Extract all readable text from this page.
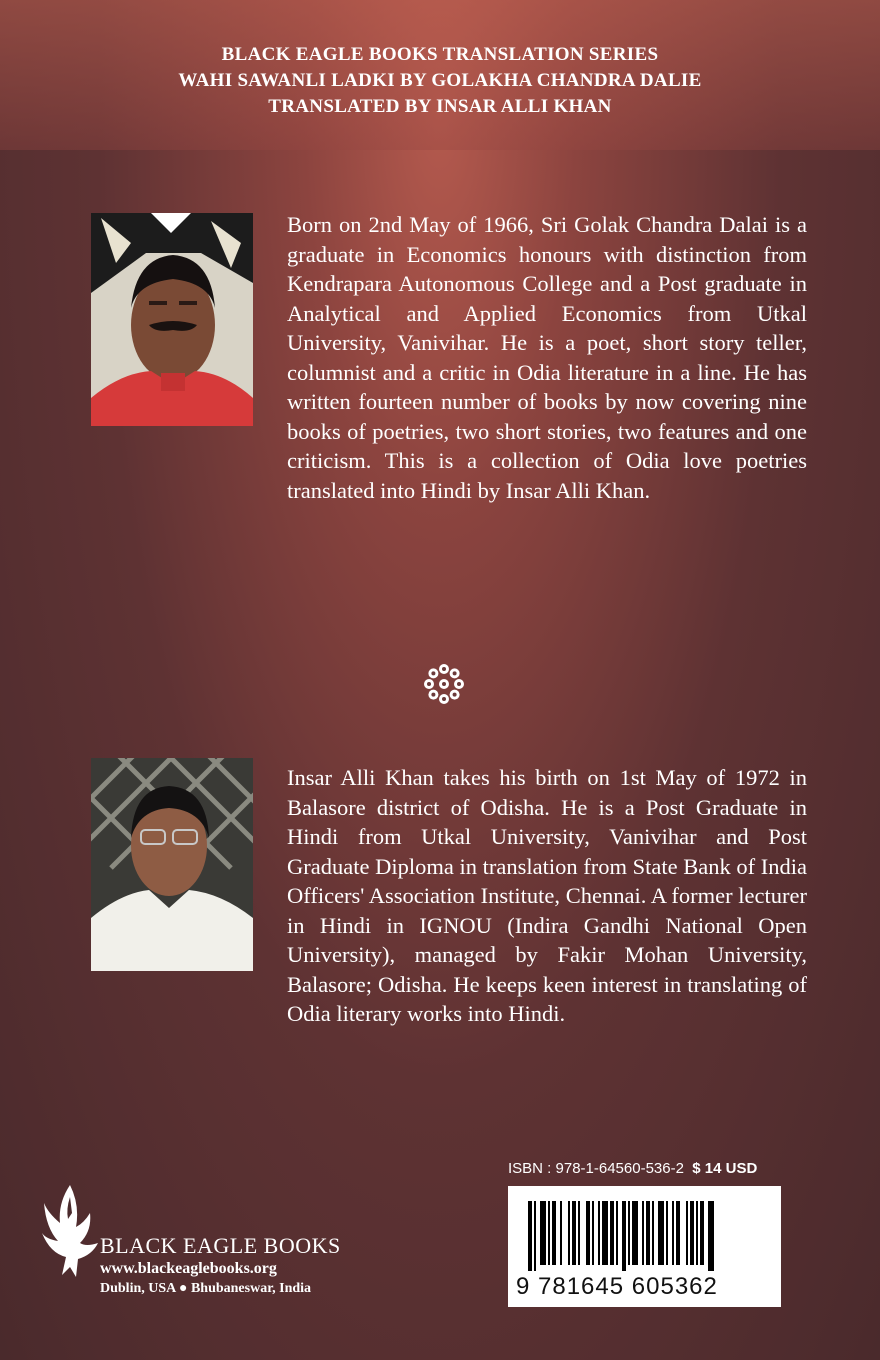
BLACK EAGLE BOOKS TRANSLATION SERIES
WAHI SAWANLI LADKI BY GOLAKHA CHANDRA DALIE
TRANSLATED BY INSAR ALLI KHAN
Born on 2nd May of 1966, Sri Golak Chandra Dalai is a graduate in Economics honours with distinction from Kendrapara Autonomous College and a Post graduate in Analytical and Applied Economics from Utkal University, Vanivihar. He is a poet, short story teller, columnist and a critic in Odia literature in a line. He has written fourteen number of books by now covering nine books of poetries, two short stories, two features and one criticism. This is a collection of Odia love poetries translated into Hindi by Insar Alli Khan.
Insar Alli Khan takes his birth on 1st May of 1972 in Balasore district of Odisha. He is a Post Graduate in Hindi from Utkal University, Vanivihar and Post Graduate Diploma in translation from State Bank of India Officers' Association Institute, Chennai. A former lecturer in Hindi in IGNOU (Indira Gandhi National Open University), managed by Fakir Mohan University, Balasore; Odisha. He keeps keen interest in translating of Odia literary works into Hindi.
BLACK EAGLE BOOKS
www.blackeaglebooks.org
Dublin, USA ● Bhubaneswar, India
ISBN : 978-1-64560-536-2 $ 14 USD
9 781645 605362
